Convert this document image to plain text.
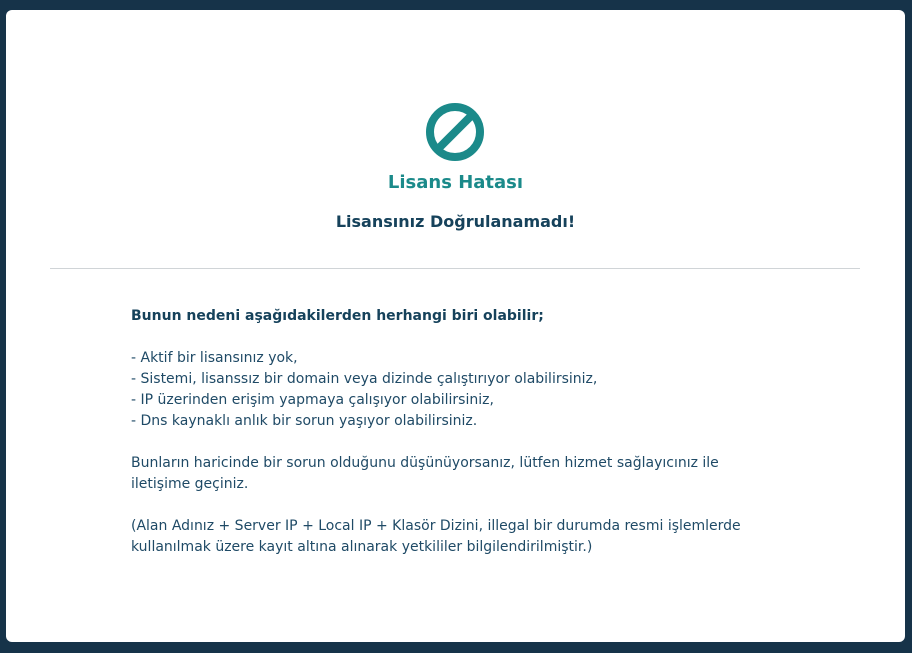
Lisans Hatası
Lisansınız Doğrulanamadı!

Bunun nedeni aşağıdakilerden herhangi biri olabilir;

- Aktif bir lisansınız yok,

- Sistemi, lisanssız bir domain veya dizinde çalıştırıyor olabilirsiniz,

- IP üzerinden erişim yapmaya çalışıyor olabilirsiniz,

- Dns kaynaklı anlık bir sorun yaşıyor olabilirsiniz.

Bunların haricinde bir sorun olduğunu düşünüyorsanız, lütfen hizmet sağlayıcınız ile iletişime geçiniz.

(Alan Adınız + Server IP + Local IP + Klasör Dizini, illegal bir durumda resmi işlemlerde kullanılmak üzere kayıt altına alınarak yetkililer bilgilendirilmiştir.)
